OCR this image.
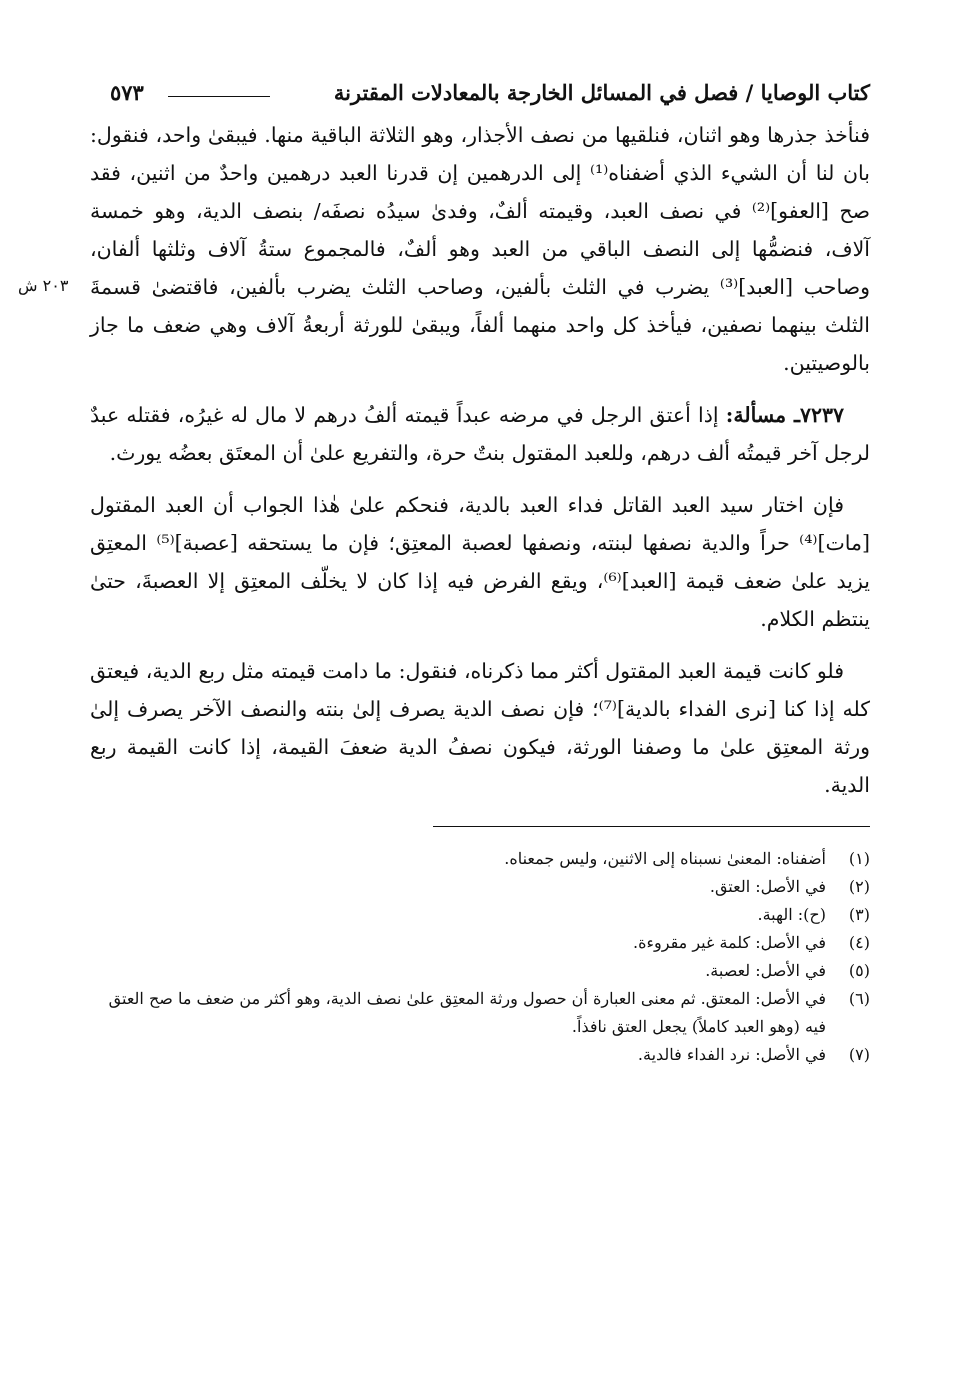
كتاب الوصايا / فصل في المسائل الخارجة بالمعادلات المقترنة
٥٧٣

فنأخذ جذرها وهو اثنان، فنلقيها من نصف الأجذار، وهو الثلاثة الباقية منها. فيبقىٰ واحد، فنقول: بان لنا أن الشيء الذي أضفناه⁽¹⁾ إلى الدرهمين إن قدرنا العبد درهمين واحدٌ من اثنين، فقد صح [العفو]⁽²⁾ في نصف العبد، وقيمته ألفٌ، وفدىٰ سيدُه نصفَه/ بنصف الدية، وهو خمسة آلاف، فنضمُّها إلى النصف الباقي من العبد وهو ألفٌ، فالمجموع ستةُ آلاف وثلثها ألفان، وصاحب [العبد]⁽³⁾ يضرب في الثلث بألفين، وصاحب الثلث يضرب بألفين، فاقتضىٰ قسمةَ الثلث بينهما نصفين، فيأخذ كل واحد منهما ألفاً، ويبقىٰ للورثة أربعةُ آلاف وهي ضعف ما جاز بالوصيتين.

٧٢٣٧ـ مسألة: إذا أعتق الرجل في مرضه عبداً قيمته ألفُ درهم لا مال له غيرُه، فقتله عبدٌ لرجل آخر قيمتُه ألف درهم، وللعبد المقتول بنتٌ حرة، والتفريع علىٰ أن المعتَق بعضُه يورث.

فإن اختار سيد العبد القاتل فداء العبد بالدية، فنحكم علىٰ هٰذا الجواب أن العبد المقتول [مات]⁽⁴⁾ حراً والدية نصفها لبنته، ونصفها لعصبة المعتِق؛ فإن ما يستحقه [عصبة]⁽⁵⁾ المعتِق يزيد علىٰ ضعف قيمة [العبد]⁽⁶⁾، ويقع الفرض فيه إذا كان لا يخلّف المعتِق إلا العصبةَ، حتىٰ ينتظم الكلام.

فلو كانت قيمة العبد المقتول أكثر مما ذكرناه، فنقول: ما دامت قيمته مثل ربع الدية، فيعتق كله إذا كنا [نرى الفداء بالدية]⁽⁷⁾؛ فإن نصف الدية يصرف إلىٰ بنته والنصف الآخر يصرف إلىٰ ورثة المعتِق علىٰ ما وصفنا الورثة، فيكون نصفُ الدية ضعفَ القيمة، إذا كانت القيمة ربع الدية.

(١)
أضفناه: المعنىٰ نسبناه إلى الاثنين، وليس جمعناه.
(٢)
في الأصل: العتق.
(٣)
(ح): الهبة.
(٤)
في الأصل: كلمة غير مقروءة.
(٥)
في الأصل: لعصبة.
(٦)
في الأصل: المعتق. ثم معنى العبارة أن حصول ورثة المعتِق علىٰ نصف الدية، وهو أكثر من ضعف ما صح العتق فيه (وهو العبد كاملاً) يجعل العتق نافذاً.
(٧)
في الأصل: نرد الفداء فالدية.
٢٠٣ ش
